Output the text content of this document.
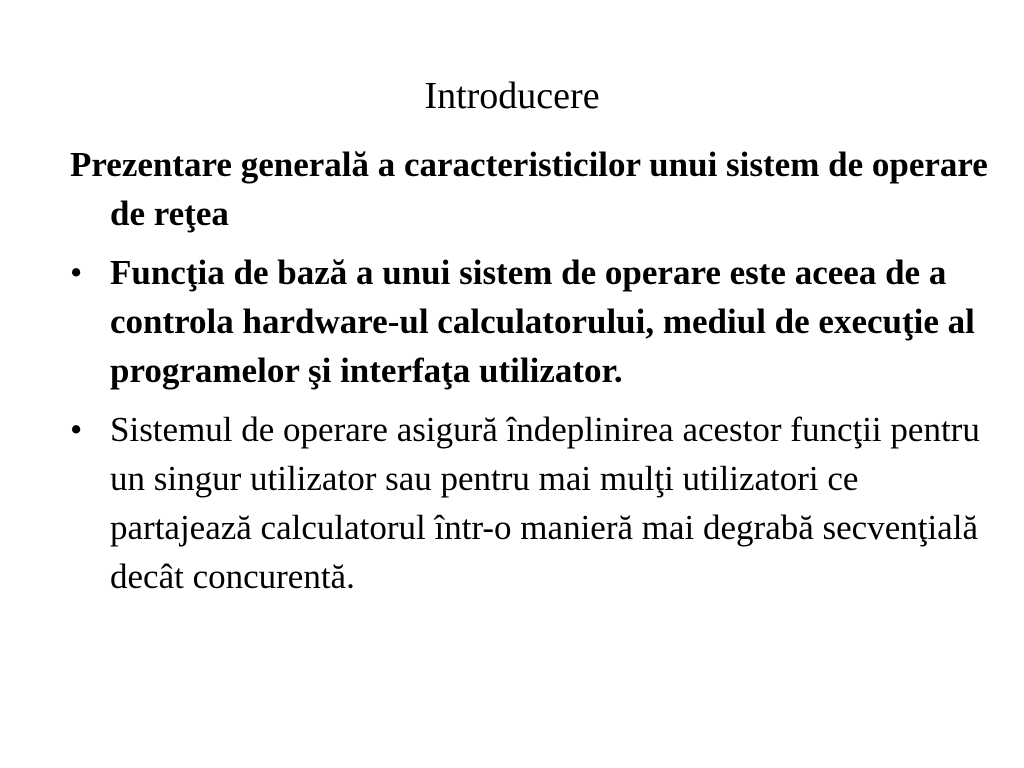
Introducere

Prezentare generală a caracteristicilor unui sistem de operare de reţea

• Funcţia de bază a unui sistem de operare este aceea de a controla hardware-ul calculatorului, mediul de execuţie al programelor şi interfaţa utilizator.
• Sistemul de operare asigură îndeplinirea acestor funcţii pentru un singur utilizator sau pentru mai mulţi utilizatori ce partajează calculatorul într-o manieră mai degrabă secvenţială decât concurentă.
